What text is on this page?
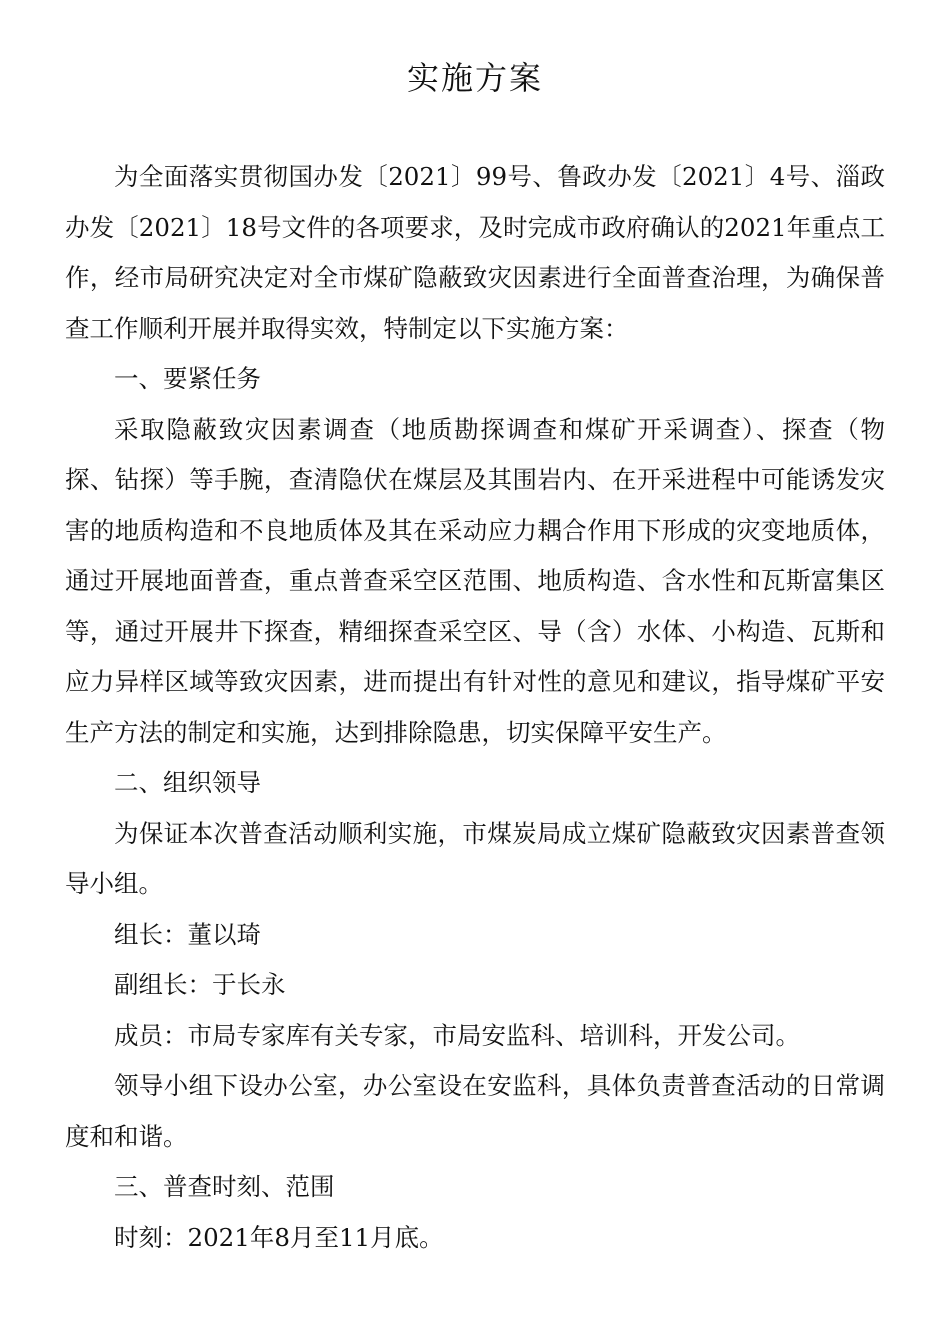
实施方案

为全面落实贯彻国办发〔2021〕99号、鲁政办发〔2021〕4号、淄政办发〔2021〕18号文件的各项要求，及时完成市政府确认的2021年重点工作，经市局研究决定对全市煤矿隐蔽致灾因素进行全面普查治理，为确保普查工作顺利开展并取得实效，特制定以下实施方案：

一、要紧任务

采取隐蔽致灾因素调查（地质勘探调查和煤矿开采调查）、探查（物探、钻探）等手腕，查清隐伏在煤层及其围岩内、在开采进程中可能诱发灾害的地质构造和不良地质体及其在采动应力耦合作用下形成的灾变地质体，通过开展地面普查，重点普查采空区范围、地质构造、含水性和瓦斯富集区等，通过开展井下探查，精细探查采空区、导（含）水体、小构造、瓦斯和应力异样区域等致灾因素，进而提出有针对性的意见和建议，指导煤矿平安生产方法的制定和实施，达到排除隐患，切实保障平安生产。

二、组织领导

为保证本次普查活动顺利实施，市煤炭局成立煤矿隐蔽致灾因素普查领导小组。

组长：董以琦

副组长：于长永

成员：市局专家库有关专家，市局安监科、培训科，开发公司。

领导小组下设办公室，办公室设在安监科，具体负责普查活动的日常调度和和谐。

三、普查时刻、范围

时刻：2021年8月至11月底。
